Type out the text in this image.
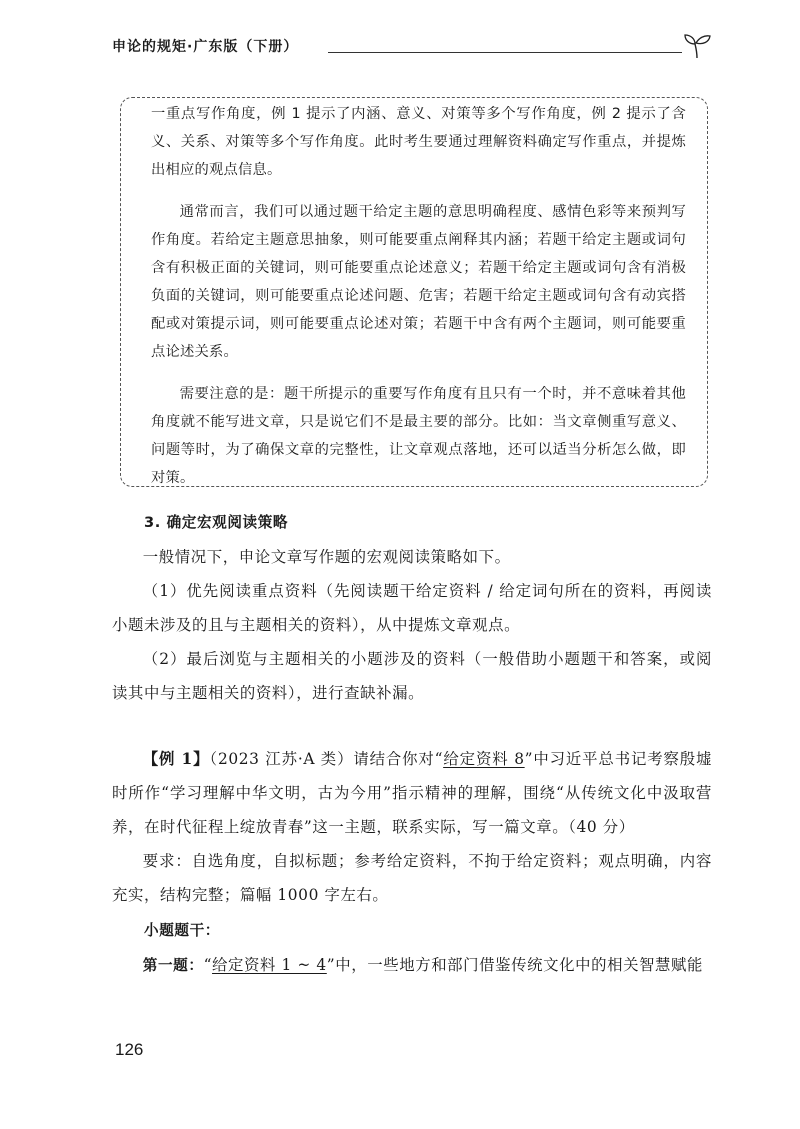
申论的规矩·广东版（下册）

一重点写作角度，例 1 提示了内涵、意义、对策等多个写作角度，例 2 提示了含义、关系、对策等多个写作角度。此时考生要通过理解资料确定写作重点，并提炼出相应的观点信息。

通常而言，我们可以通过题干给定主题的意思明确程度、感情色彩等来预判写作角度。若给定主题意思抽象，则可能要重点阐释其内涵；若题干给定主题或词句含有积极正面的关键词，则可能要重点论述意义；若题干给定主题或词句含有消极负面的关键词，则可能要重点论述问题、危害；若题干给定主题或词句含有动宾搭配或对策提示词，则可能要重点论述对策；若题干中含有两个主题词，则可能要重点论述关系。

需要注意的是：题干所提示的重要写作角度有且只有一个时，并不意味着其他角度就不能写进文章，只是说它们不是最主要的部分。比如：当文章侧重写意义、问题等时，为了确保文章的完整性，让文章观点落地，还可以适当分析怎么做，即对策。

3. 确定宏观阅读策略

一般情况下，申论文章写作题的宏观阅读策略如下。

（1）优先阅读重点资料（先阅读题干给定资料 / 给定词句所在的资料，再阅读小题未涉及的且与主题相关的资料），从中提炼文章观点。

（2）最后浏览与主题相关的小题涉及的资料（一般借助小题题干和答案，或阅读其中与主题相关的资料），进行查缺补漏。

【例 1】（2023 江苏·A 类）请结合你对“给定资料 8”中习近平总书记考察殷墟时所作“学习理解中华文明，古为今用”指示精神的理解，围绕“从传统文化中汲取营养，在时代征程上绽放青春”这一主题，联系实际，写一篇文章。（40 分）

要求：自选角度，自拟标题；参考给定资料，不拘于给定资料；观点明确，内容充实，结构完整；篇幅 1000 字左右。

小题题干：

第一题：“给定资料 1 ~ 4”中，一些地方和部门借鉴传统文化中的相关智慧赋能

126
